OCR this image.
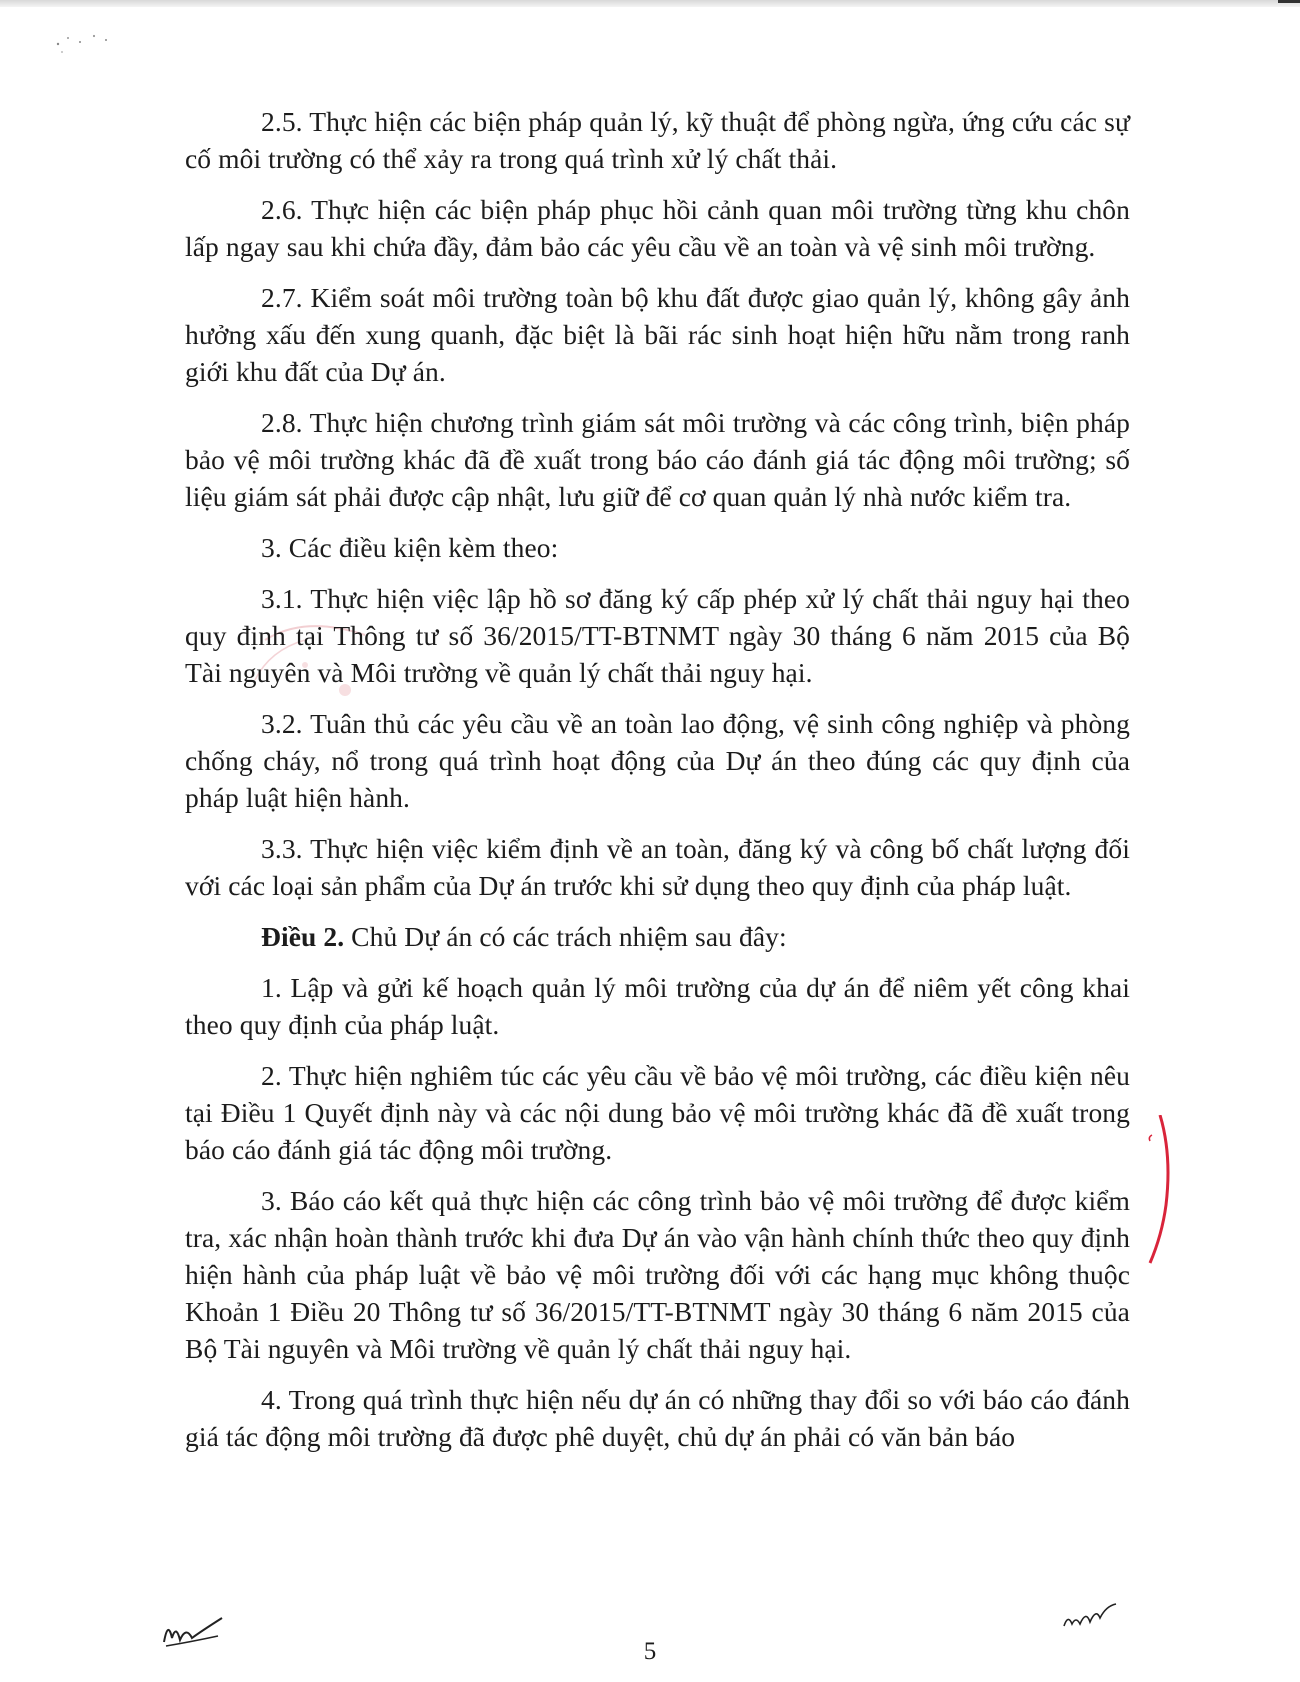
2.5. Thực hiện các biện pháp quản lý, kỹ thuật để phòng ngừa, ứng cứu các sự cố môi trường có thể xảy ra trong quá trình xử lý chất thải.

2.6. Thực hiện các biện pháp phục hồi cảnh quan môi trường từng khu chôn lấp ngay sau khi chứa đầy, đảm bảo các yêu cầu về an toàn và vệ sinh môi trường.

2.7. Kiểm soát môi trường toàn bộ khu đất được giao quản lý, không gây ảnh hưởng xấu đến xung quanh, đặc biệt là bãi rác sinh hoạt hiện hữu nằm trong ranh giới khu đất của Dự án.

2.8. Thực hiện chương trình giám sát môi trường và các công trình, biện pháp bảo vệ môi trường khác đã đề xuất trong báo cáo đánh giá tác động môi trường; số liệu giám sát phải được cập nhật, lưu giữ để cơ quan quản lý nhà nước kiểm tra.

3. Các điều kiện kèm theo:

3.1. Thực hiện việc lập hồ sơ đăng ký cấp phép xử lý chất thải nguy hại theo quy định tại Thông tư số 36/2015/TT-BTNMT ngày 30 tháng 6 năm 2015 của Bộ Tài nguyên và Môi trường về quản lý chất thải nguy hại.

3.2. Tuân thủ các yêu cầu về an toàn lao động, vệ sinh công nghiệp và phòng chống cháy, nổ trong quá trình hoạt động của Dự án theo đúng các quy định của pháp luật hiện hành.

3.3. Thực hiện việc kiểm định về an toàn, đăng ký và công bố chất lượng đối với các loại sản phẩm của Dự án trước khi sử dụng theo quy định của pháp luật.

Điều 2. Chủ Dự án có các trách nhiệm sau đây:

1. Lập và gửi kế hoạch quản lý môi trường của dự án để niêm yết công khai theo quy định của pháp luật.

2. Thực hiện nghiêm túc các yêu cầu về bảo vệ môi trường, các điều kiện nêu tại Điều 1 Quyết định này và các nội dung bảo vệ môi trường khác đã đề xuất trong báo cáo đánh giá tác động môi trường.

3. Báo cáo kết quả thực hiện các công trình bảo vệ môi trường để được kiểm tra, xác nhận hoàn thành trước khi đưa Dự án vào vận hành chính thức theo quy định hiện hành của pháp luật về bảo vệ môi trường đối với các hạng mục không thuộc Khoản 1 Điều 20 Thông tư số 36/2015/TT-BTNMT ngày 30 tháng 6 năm 2015 của Bộ Tài nguyên và Môi trường về quản lý chất thải nguy hại.

4. Trong quá trình thực hiện nếu dự án có những thay đổi so với báo cáo đánh giá tác động môi trường đã được phê duyệt, chủ dự án phải có văn bản báo

5
